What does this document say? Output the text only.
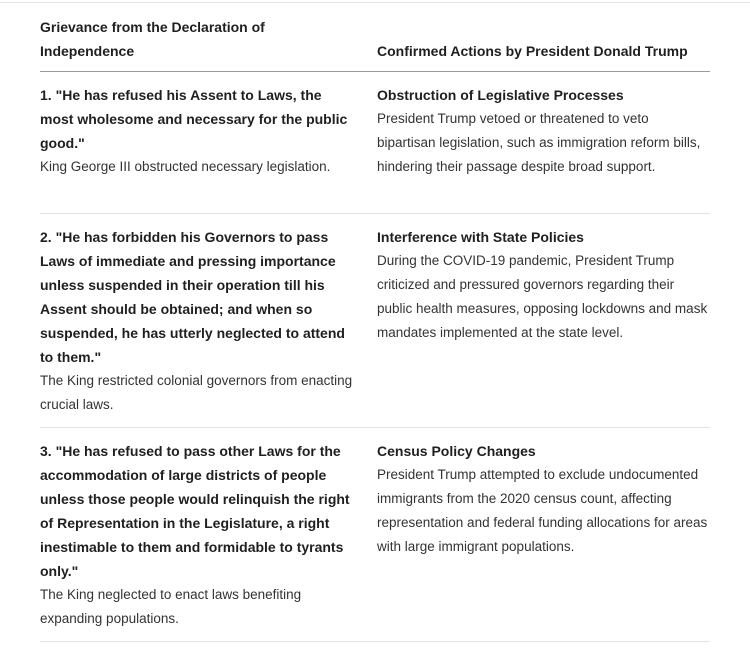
Grievance from the Declaration of Independence	Confirmed Actions by President Donald Trump
1. "He has refused his Assent to Laws, the most wholesome and necessary for the public good."
King George III obstructed necessary legislation.
Obstruction of Legislative Processes
President Trump vetoed or threatened to veto bipartisan legislation, such as immigration reform bills, hindering their passage despite broad support.
2. "He has forbidden his Governors to pass Laws of immediate and pressing importance unless suspended in their operation till his Assent should be obtained; and when so suspended, he has utterly neglected to attend to them."
The King restricted colonial governors from enacting crucial laws.
Interference with State Policies
During the COVID-19 pandemic, President Trump criticized and pressured governors regarding their public health measures, opposing lockdowns and mask mandates implemented at the state level.
3. "He has refused to pass other Laws for the accommodation of large districts of people unless those people would relinquish the right of Representation in the Legislature, a right inestimable to them and formidable to tyrants only."
The King neglected to enact laws benefiting expanding populations.
Census Policy Changes
President Trump attempted to exclude undocumented immigrants from the 2020 census count, affecting representation and federal funding allocations for areas with large immigrant populations.
